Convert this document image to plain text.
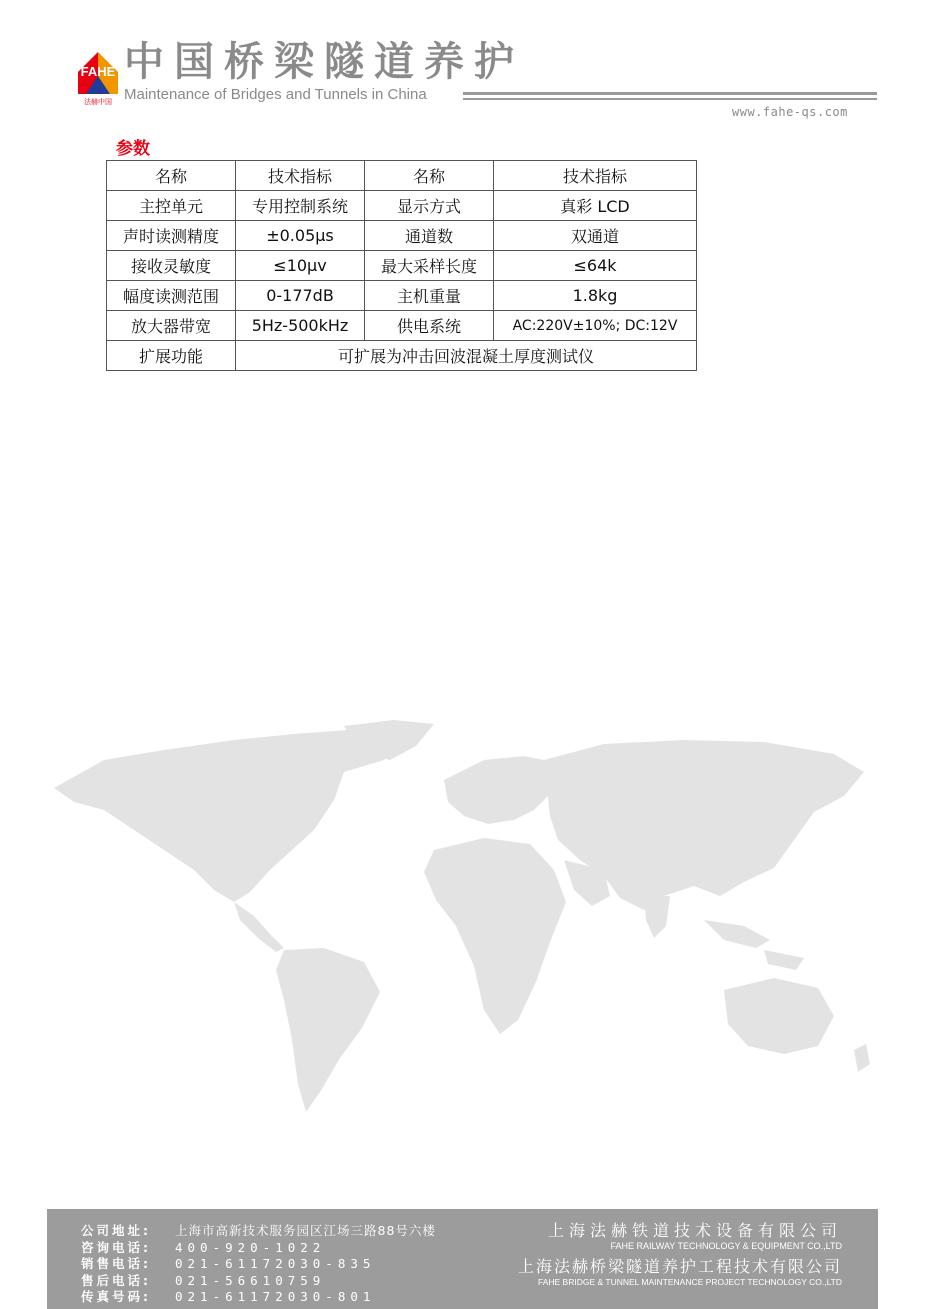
FAHE
法赫中国
中国桥梁隧道养护
Maintenance of Bridges and Tunnels in China
www.fahe-qs.com
参数
名称	技术指标	名称	技术指标
主控单元	专用控制系统	显示方式	真彩 LCD
声时读测精度	±0.05μs	通道数	双通道
接收灵敏度	≤10μv	最大采样长度	≤64k
幅度读测范围	0-177dB	主机重量	1.8kg
放大器带宽	5Hz-500kHz	供电系统	AC:220V±10%; DC:12V
扩展功能	可扩展为冲击回波混凝土厚度测试仪		
公司地址: 上海市高新技术服务园区江场三路88号六楼
咨询电话: 400-920-1022
销售电话: 021-61172030-835
售后电话: 021-56610759
传真号码: 021-61172030-801
上海法赫铁道技术设备有限公司
FAHE RAILWAY TECHNOLOGY & EQUIPMENT CO.,LTD
上海法赫桥梁隧道养护工程技术有限公司
FAHE BRIDGE & TUNNEL MAINTENANCE PROJECT TECHNOLOGY CO.,LTD
